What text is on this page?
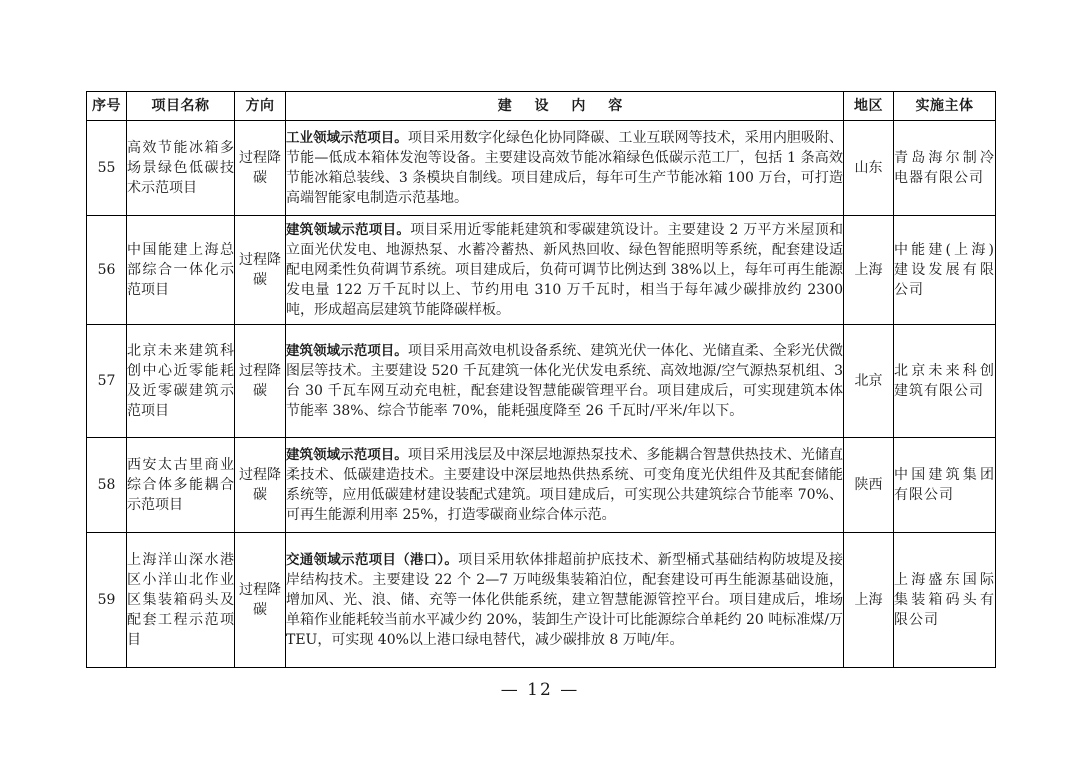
序号	项目名称	方向	建 设 内 容	地区	实施主体
55	高效节能冰箱多场景绿色低碳技术示范项目	过程降碳	工业领域示范项目。项目采用数字化绿色化协同降碳、工业互联网等技术，采用内胆吸附、节能—低成本箱体发泡等设备。主要建设高效节能冰箱绿色低碳示范工厂，包括 1 条高效节能冰箱总装线、3 条模块自制线。项目建成后，每年可生产节能冰箱 100 万台，可打造高端智能家电制造示范基地。	山东	青岛海尔制冷电器有限公司
56	中国能建上海总部综合一体化示范项目	过程降碳	建筑领域示范项目。项目采用近零能耗建筑和零碳建筑设计。主要建设 2 万平方米屋顶和立面光伏发电、地源热泵、水蓄冷蓄热、新风热回收、绿色智能照明等系统，配套建设适配电网柔性负荷调节系统。项目建成后，负荷可调节比例达到 38%以上，每年可再生能源发电量 122 万千瓦时以上、节约用电 310 万千瓦时，相当于每年减少碳排放约 2300 吨，形成超高层建筑节能降碳样板。	上海	中能建(上海)建设发展有限公司
57	北京未来建筑科创中心近零能耗及近零碳建筑示范项目	过程降碳	建筑领域示范项目。项目采用高效电机设备系统、建筑光伏一体化、光储直柔、全彩光伏微图层等技术。主要建设 520 千瓦建筑一体化光伏发电系统、高效地源/空气源热泵机组、3 台 30 千瓦车网互动充电桩，配套建设智慧能碳管理平台。项目建成后，可实现建筑本体节能率 38%、综合节能率 70%，能耗强度降至 26 千瓦时/平米/年以下。	北京	北京未来科创建筑有限公司
58	西安太古里商业综合体多能耦合示范项目	过程降碳	建筑领域示范项目。项目采用浅层及中深层地源热泵技术、多能耦合智慧供热技术、光储直柔技术、低碳建造技术。主要建设中深层地热供热系统、可变角度光伏组件及其配套储能系统等，应用低碳建材建设装配式建筑。项目建成后，可实现公共建筑综合节能率 70%、可再生能源利用率 25%，打造零碳商业综合体示范。	陕西	中国建筑集团有限公司
59	上海洋山深水港区小洋山北作业区集装箱码头及配套工程示范项目	过程降碳	交通领域示范项目（港口）。项目采用软体排超前护底技术、新型桶式基础结构防坡堤及接岸结构技术。主要建设 22 个 2—7 万吨级集装箱泊位，配套建设可再生能源基础设施，增加风、光、浪、储、充等一体化供能系统，建立智慧能源管控平台。项目建成后，堆场单箱作业能耗较当前水平减少约 20%，装卸生产设计可比能源综合单耗约 20 吨标准煤/万 TEU，可实现 40%以上港口绿电替代，减少碳排放 8 万吨/年。	上海	上海盛东国际集装箱码头有限公司
— 12 —
